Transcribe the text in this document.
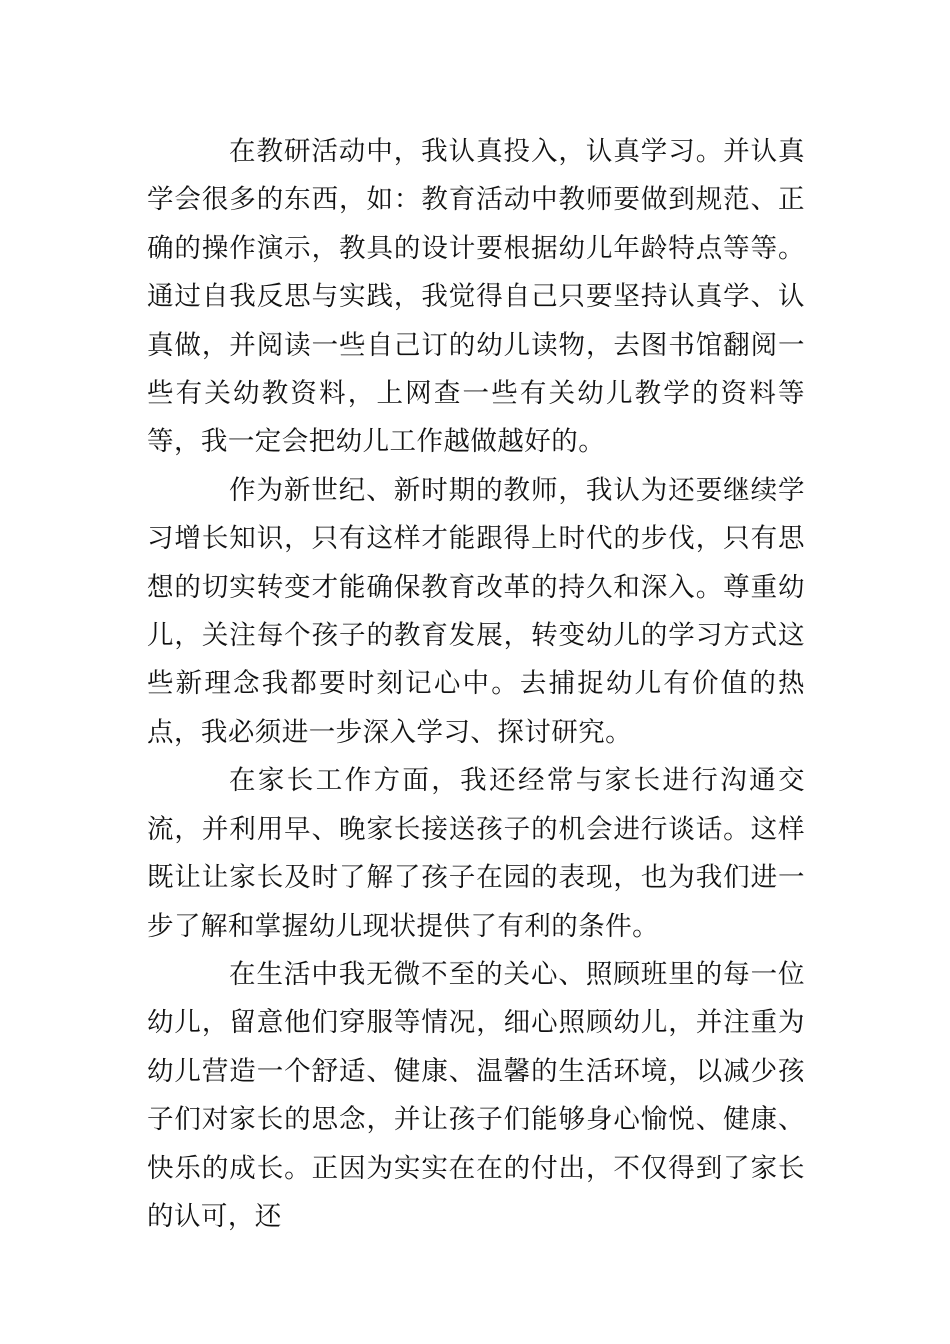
在教研活动中，我认真投入，认真学习。并认真学会很多的东西，如：教育活动中教师要做到规范、正确的操作演示，教具的设计要根据幼儿年龄特点等等。通过自我反思与实践，我觉得自己只要坚持认真学、认真做，并阅读一些自己订的幼儿读物，去图书馆翻阅一些有关幼教资料，上网查一些有关幼儿教学的资料等等，我一定会把幼儿工作越做越好的。

作为新世纪、新时期的教师，我认为还要继续学习增长知识，只有这样才能跟得上时代的步伐，只有思想的切实转变才能确保教育改革的持久和深入。尊重幼儿，关注每个孩子的教育发展，转变幼儿的学习方式这些新理念我都要时刻记心中。去捕捉幼儿有价值的热点，我必须进一步深入学习、探讨研究。

在家长工作方面，我还经常与家长进行沟通交流，并利用早、晚家长接送孩子的机会进行谈话。这样既让让家长及时了解了孩子在园的表现，也为我们进一步了解和掌握幼儿现状提供了有利的条件。

在生活中我无微不至的关心、照顾班里的每一位幼儿，留意他们穿服等情况，细心照顾幼儿，并注重为幼儿营造一个舒适、健康、温馨的生活环境，以减少孩子们对家长的思念，并让孩子们能够身心愉悦、健康、快乐的成长。正因为实实在在的付出，不仅得到了家长的认可，还
